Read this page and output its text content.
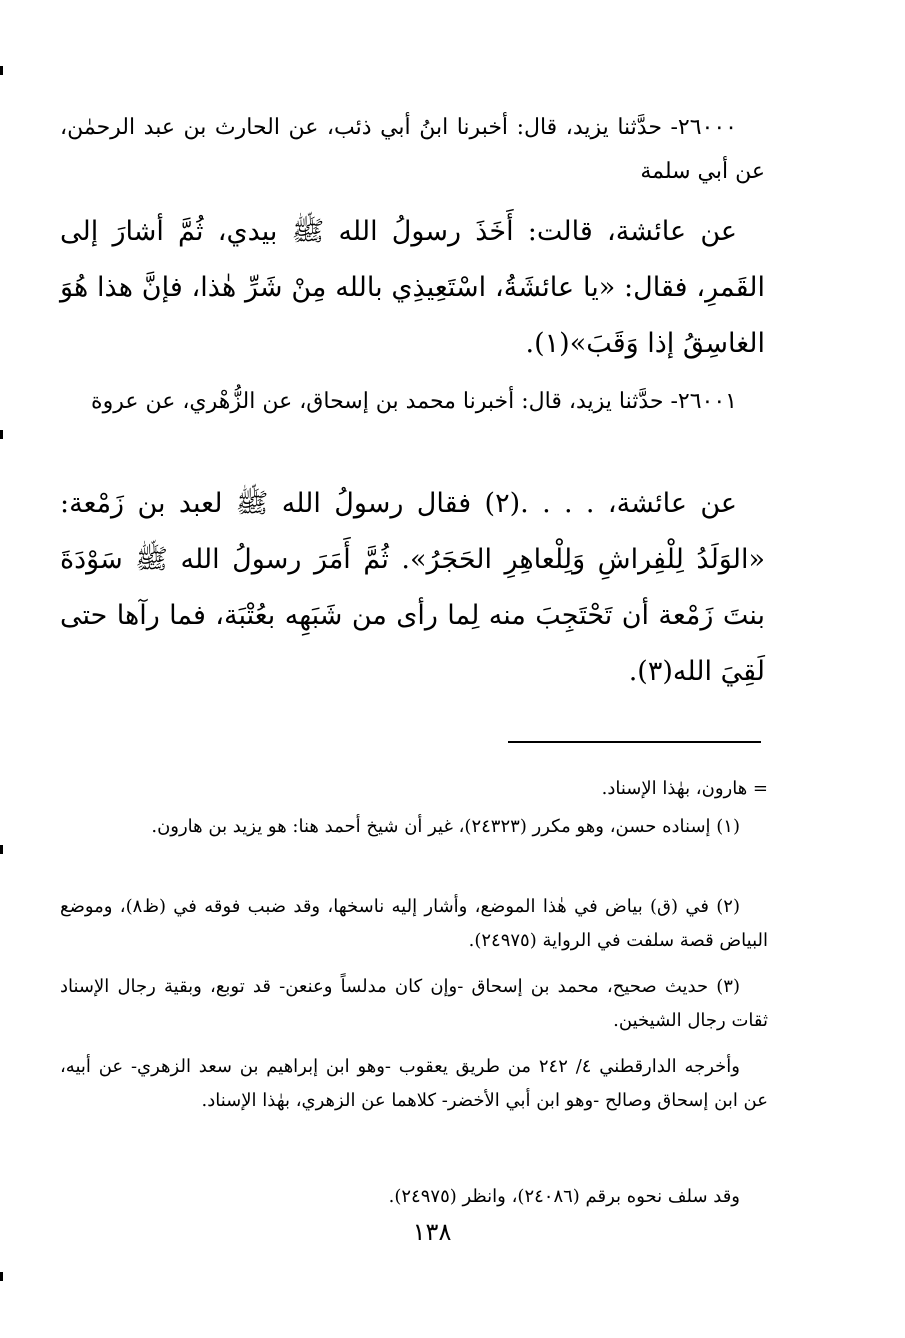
٢٦٠٠٠- حدَّثنا يزيد، قال: أخبرنا ابنُ أبي ذئب، عن الحارث بن عبد الرحمٰن، عن أبي سلمة

عن عائشة، قالت: أَخَذَ رسولُ الله ﷺ بيدي، ثُمَّ أشارَ إلى القَمرِ، فقال: «يا عائشَةُ، اسْتَعِيذِي بالله مِنْ شَرِّ هٰذا، فإنَّ هذا هُوَ الغاسِقُ إذا وَقَبَ»(١).

٢٦٠٠١- حدَّثنا يزيد، قال: أخبرنا محمد بن إسحاق، عن الزُّهْري، عن عروة

عن عائشة، . . . .(٢) فقال رسولُ الله ﷺ لعبد بن زَمْعة: «الوَلَدُ لِلْفِراشِ وَلِلْعاهِرِ الحَجَرُ». ثُمَّ أَمَرَ رسولُ الله ﷺ سَوْدَةَ بنتَ زَمْعة أن تَحْتَجِبَ منه لِما رأى من شَبَهِه بعُتْبَة، فما رآها حتى لَقِيَ الله(٣).

= هارون، بهٰذا الإسناد.

(١) إسناده حسن، وهو مكرر (٢٤٣٢٣)، غير أن شيخ أحمد هنا: هو يزيد بن هارون.

(٢) في (ق) بياض في هٰذا الموضع، وأشار إليه ناسخها، وقد ضبب فوقه في (ظ٨)، وموضع البياض قصة سلفت في الرواية (٢٤٩٧٥).

(٣) حديث صحيح، محمد بن إسحاق -وإن كان مدلساً وعنعن- قد توبع، وبقية رجال الإسناد ثقات رجال الشيخين.

وأخرجه الدارقطني ٤/ ٢٤٢ من طريق يعقوب -وهو ابن إبراهيم بن سعد الزهري- عن أبيه، عن ابن إسحاق وصالح -وهو ابن أبي الأخضر- كلاهما عن الزهري، بهٰذا الإسناد.

وقد سلف نحوه برقم (٢٤٠٨٦)، وانظر (٢٤٩٧٥).

١٣٨
